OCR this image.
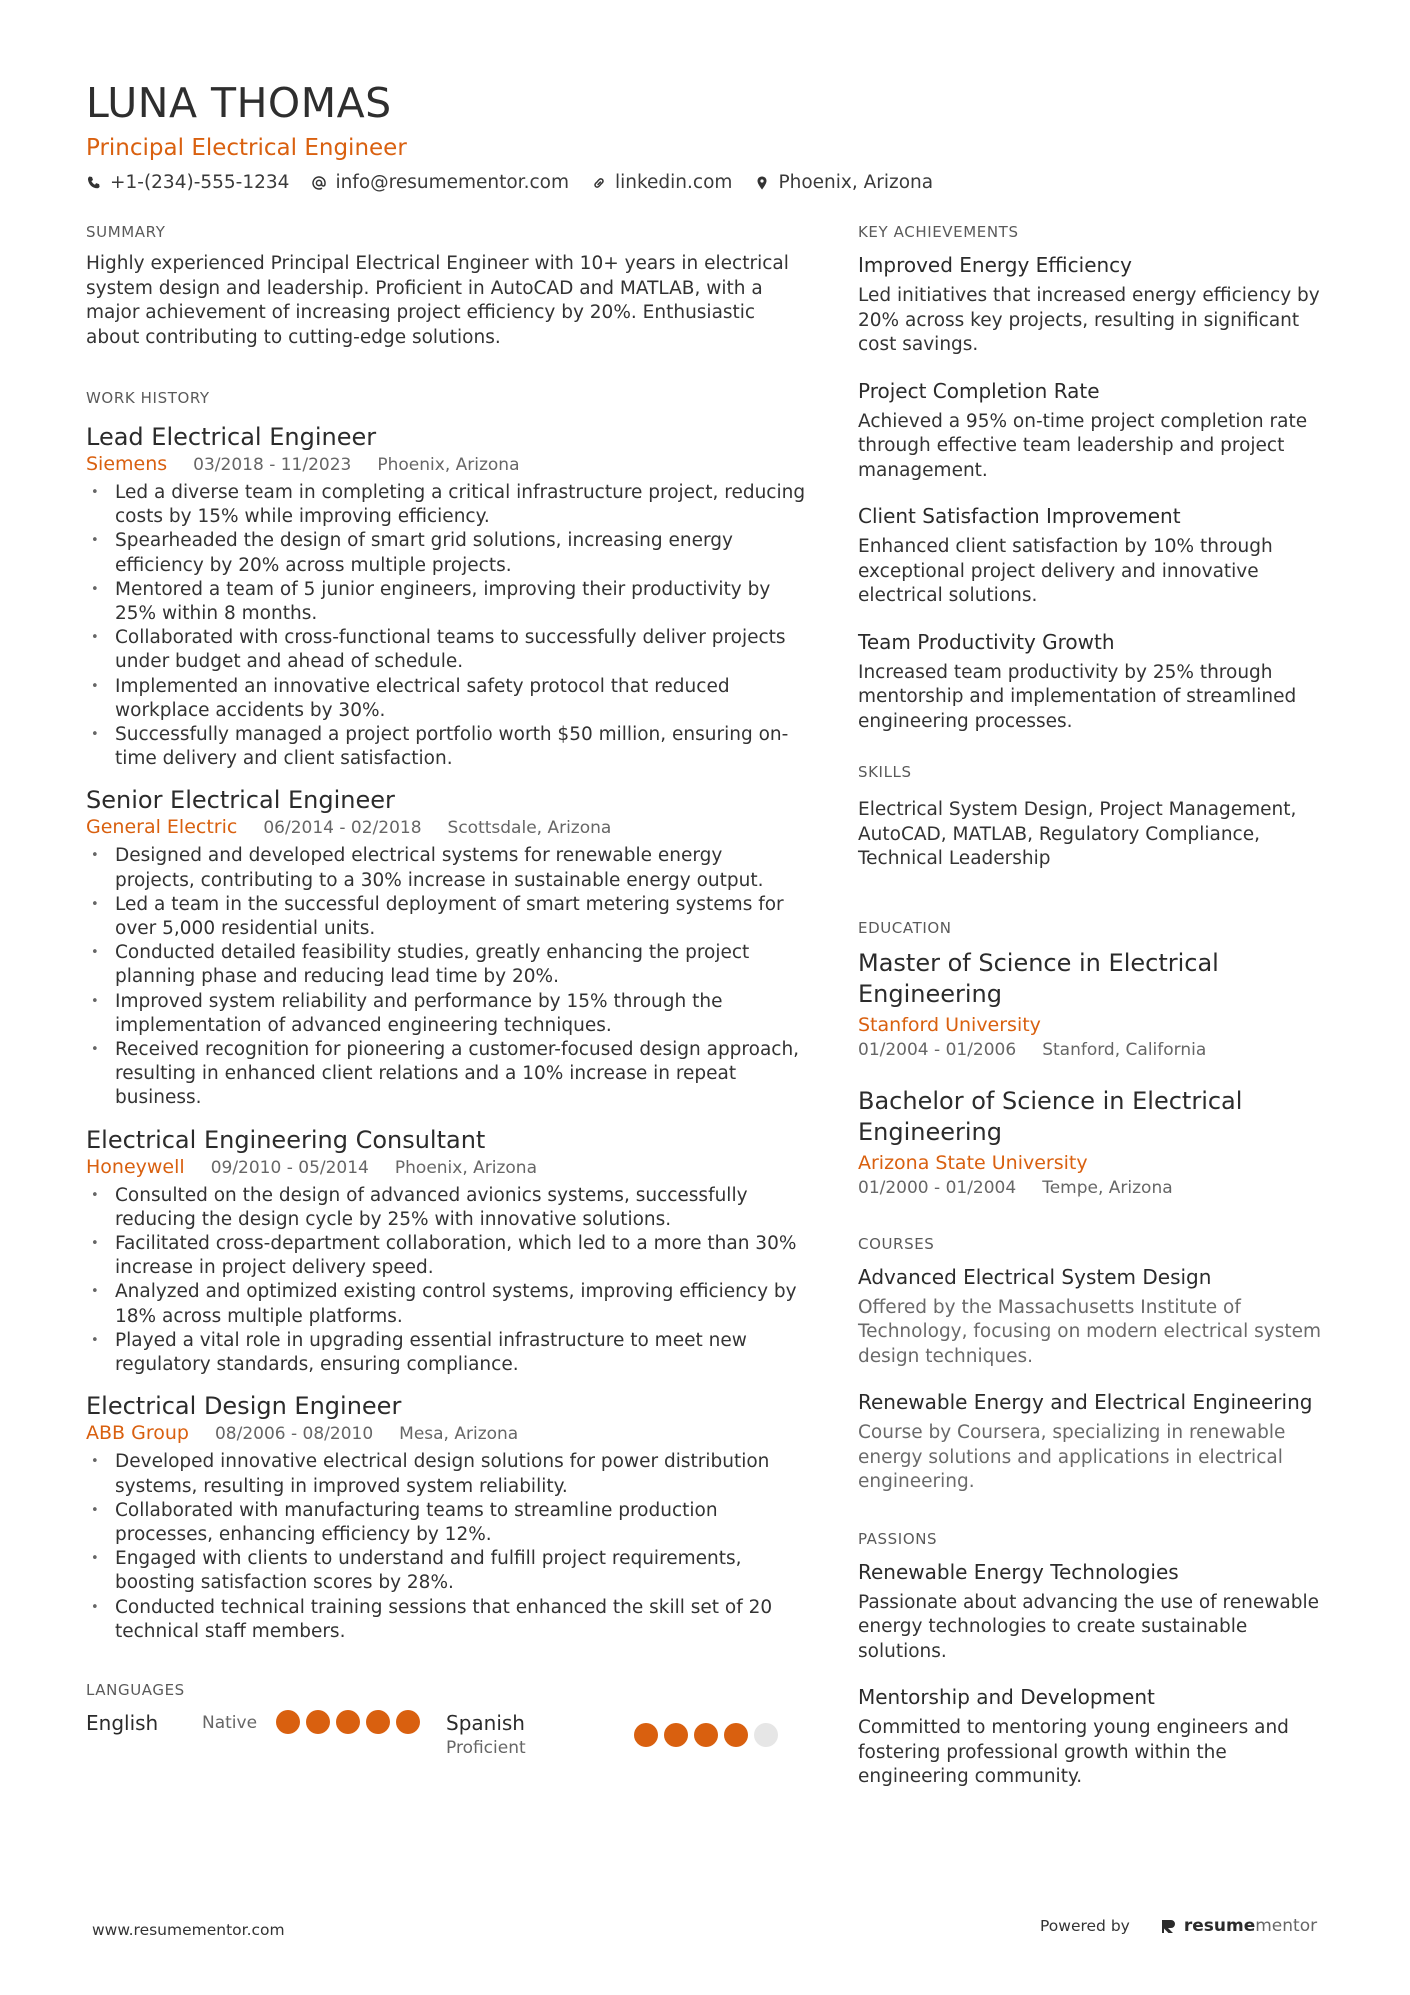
LUNA THOMAS
Principal Electrical Engineer
+1-(234)-555-1234 info@resumementor.com linkedin.com Phoenix, Arizona
SUMMARY

Highly experienced Principal Electrical Engineer with 10+ years in electrical system design and leadership. Proficient in AutoCAD and MATLAB, with a major achievement of increasing project efficiency by 20%. Enthusiastic about contributing to cutting-edge solutions.

WORK HISTORY
Lead Electrical Engineer
Siemens 03/2018 - 11/2023 Phoenix, Arizona
• Led a diverse team in completing a critical infrastructure project, reducing costs by 15% while improving efficiency.
• Spearheaded the design of smart grid solutions, increasing energy efficiency by 20% across multiple projects.
• Mentored a team of 5 junior engineers, improving their productivity by 25% within 8 months.
• Collaborated with cross-functional teams to successfully deliver projects under budget and ahead of schedule.
• Implemented an innovative electrical safety protocol that reduced workplace accidents by 30%.
• Successfully managed a project portfolio worth $50 million, ensuring on-time delivery and client satisfaction.
Senior Electrical Engineer
General Electric 06/2014 - 02/2018 Scottsdale, Arizona
• Designed and developed electrical systems for renewable energy projects, contributing to a 30% increase in sustainable energy output.
• Led a team in the successful deployment of smart metering systems for over 5,000 residential units.
• Conducted detailed feasibility studies, greatly enhancing the project planning phase and reducing lead time by 20%.
• Improved system reliability and performance by 15% through the implementation of advanced engineering techniques.
• Received recognition for pioneering a customer-focused design approach, resulting in enhanced client relations and a 10% increase in repeat business.
Electrical Engineering Consultant
Honeywell 09/2010 - 05/2014 Phoenix, Arizona
• Consulted on the design of advanced avionics systems, successfully reducing the design cycle by 25% with innovative solutions.
• Facilitated cross-department collaboration, which led to a more than 30% increase in project delivery speed.
• Analyzed and optimized existing control systems, improving efficiency by 18% across multiple platforms.
• Played a vital role in upgrading essential infrastructure to meet new regulatory standards, ensuring compliance.
Electrical Design Engineer
ABB Group 08/2006 - 08/2010 Mesa, Arizona
• Developed innovative electrical design solutions for power distribution systems, resulting in improved system reliability.
• Collaborated with manufacturing teams to streamline production processes, enhancing efficiency by 12%.
• Engaged with clients to understand and fulfill project requirements, boosting satisfaction scores by 28%.
• Conducted technical training sessions that enhanced the skill set of 20 technical staff members.
LANGUAGES
English	Native	Spanish
Proficient
KEY ACHIEVEMENTS
Improved Energy Efficiency
Led initiatives that increased energy efficiency by 20% across key projects, resulting in significant cost savings.
Project Completion Rate
Achieved a 95% on-time project completion rate through effective team leadership and project management.
Client Satisfaction Improvement
Enhanced client satisfaction by 10% through exceptional project delivery and innovative electrical solutions.
Team Productivity Growth
Increased team productivity by 25% through mentorship and implementation of streamlined engineering processes.
SKILLS

Electrical System Design, Project Management, AutoCAD, MATLAB, Regulatory Compliance, Technical Leadership

EDUCATION
Master of Science in Electrical Engineering
Stanford University
01/2004 - 01/2006 Stanford, California
Bachelor of Science in Electrical Engineering
Arizona State University
01/2000 - 01/2004 Tempe, Arizona
COURSES
Advanced Electrical System Design
Offered by the Massachusetts Institute of Technology, focusing on modern electrical system design techniques.
Renewable Energy and Electrical Engineering
Course by Coursera, specializing in renewable energy solutions and applications in electrical engineering.
PASSIONS
Renewable Energy Technologies
Passionate about advancing the use of renewable energy technologies to create sustainable solutions.
Mentorship and Development
Committed to mentoring young engineers and fostering professional growth within the engineering community.
www.resumementor.com	Powered by	resume mentor
